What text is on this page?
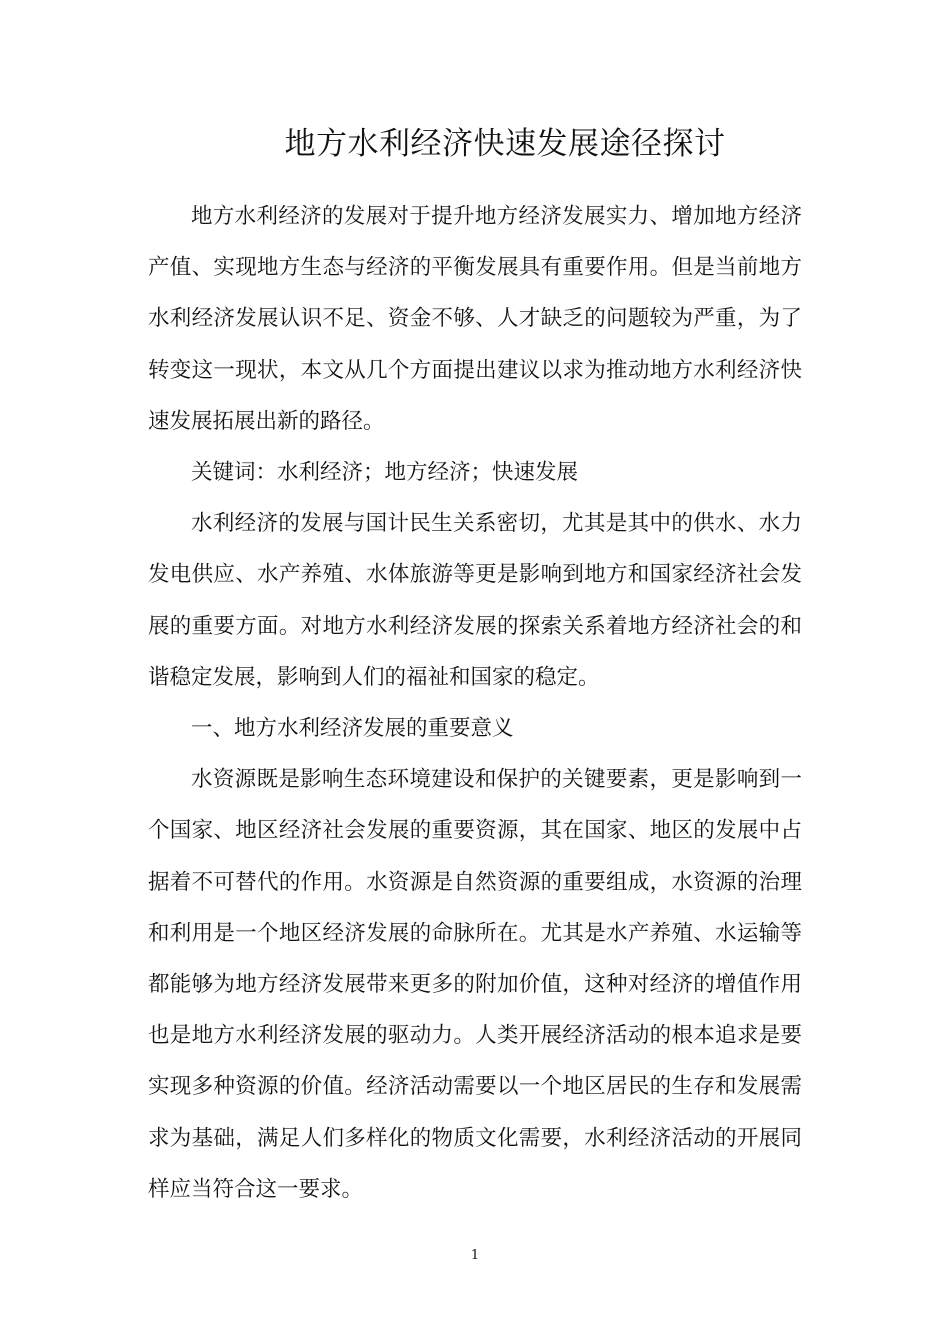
地方水利经济快速发展途径探讨

地方水利经济的发展对于提升地方经济发展实力、增加地方经济产值、实现地方生态与经济的平衡发展具有重要作用。但是当前地方水利经济发展认识不足、资金不够、人才缺乏的问题较为严重，为了转变这一现状，本文从几个方面提出建议以求为推动地方水利经济快速发展拓展出新的路径。

关键词：水利经济；地方经济；快速发展

水利经济的发展与国计民生关系密切，尤其是其中的供水、水力发电供应、水产养殖、水体旅游等更是影响到地方和国家经济社会发展的重要方面。对地方水利经济发展的探索关系着地方经济社会的和谐稳定发展，影响到人们的福祉和国家的稳定。

一、地方水利经济发展的重要意义

水资源既是影响生态环境建设和保护的关键要素，更是影响到一个国家、地区经济社会发展的重要资源，其在国家、地区的发展中占据着不可替代的作用。水资源是自然资源的重要组成，水资源的治理和利用是一个地区经济发展的命脉所在。尤其是水产养殖、水运输等都能够为地方经济发展带来更多的附加价值，这种对经济的增值作用也是地方水利经济发展的驱动力。人类开展经济活动的根本追求是要实现多种资源的价值。经济活动需要以一个地区居民的生存和发展需求为基础，满足人们多样化的物质文化需要，水利经济活动的开展同样应当符合这一要求。

1
